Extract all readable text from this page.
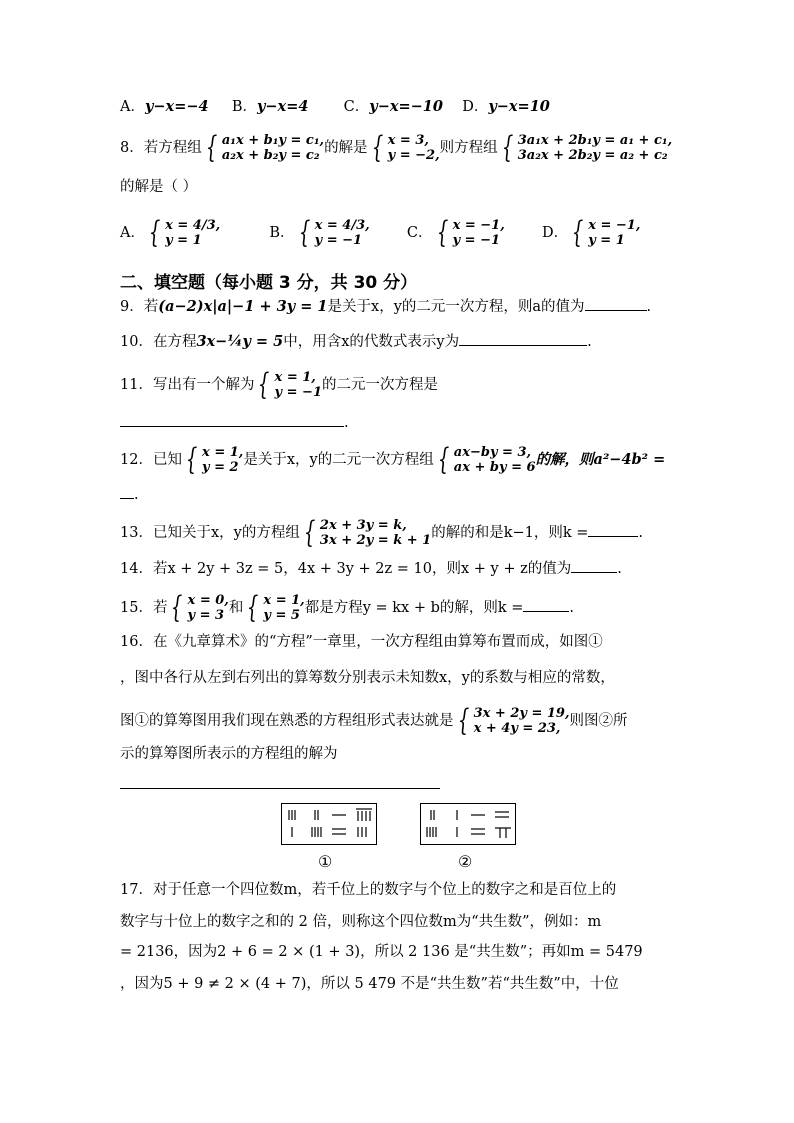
A．y−x=−4 B．y−x=4 C．y−x=−10 D．y−x=10
8．若方程组 { a₁x + b₁y = c₁,
a₂x + b₂y = c₂ 的解是 { x = 3,
y = −2, 则方程组 { 3a₁x + 2b₁y = a₁ + c₁,
3a₂x + 2b₂y = a₂ + c₂
的解是（ ）
A． { x = 4/3,
y = 1	B． { x = 4/3,
y = −1	C． { x = −1,
y = −1	D． { x = −1,
y = 1
二、填空题（每小题 3 分，共 30 分）
9．若(a−2)x|a|−1 + 3y = 1是关于x，y的二元一次方程，则a的值为	.
10．在方程3x−¼y = 5中，用含x的代数式表示y为	.
11．写出有一个解为 { x = 1,
y = −1 的二元一次方程是
.
12．已知 { x = 1,
y = 2 是关于x，y的二元一次方程组 { ax−by = 3,
ax + by = 6 的解，则a²−4b² =
.
13．已知关于x，y的方程组 { 2x + 3y = k,
3x + 2y = k + 1 的解的和是k−1，则k =	.
14．若x + 2y + 3z = 5，4x + 3y + 2z = 10，则x + y + z的值为	.
15．若 { x = 0,
y = 3 和 { x = 1,
y = 5 都是方程y = kx + b的解，则k =	.
16．在《九章算术》的“方程”一章里，一次方程组由算筹布置而成，如图①
，图中各行从左到右列出的算筹数分别表示未知数x，y的系数与相应的常数，
图①的算筹图用我们现在熟悉的方程组形式表达就是 { 3x + 2y = 19,
x + 4y = 23, 则图②所
示的算筹图所表示的方程组的解为
①	②
17．对于任意一个四位数m，若千位上的数字与个位上的数字之和是百位上的
数字与十位上的数字之和的 2 倍，则称这个四位数m为“共生数”，例如：m
= 2136，因为2 + 6 = 2 × (1 + 3)，所以 2 136 是“共生数”；再如m = 5479
，因为5 + 9 ≠ 2 × (4 + 7)，所以 5 479 不是“共生数”若“共生数”中，十位
